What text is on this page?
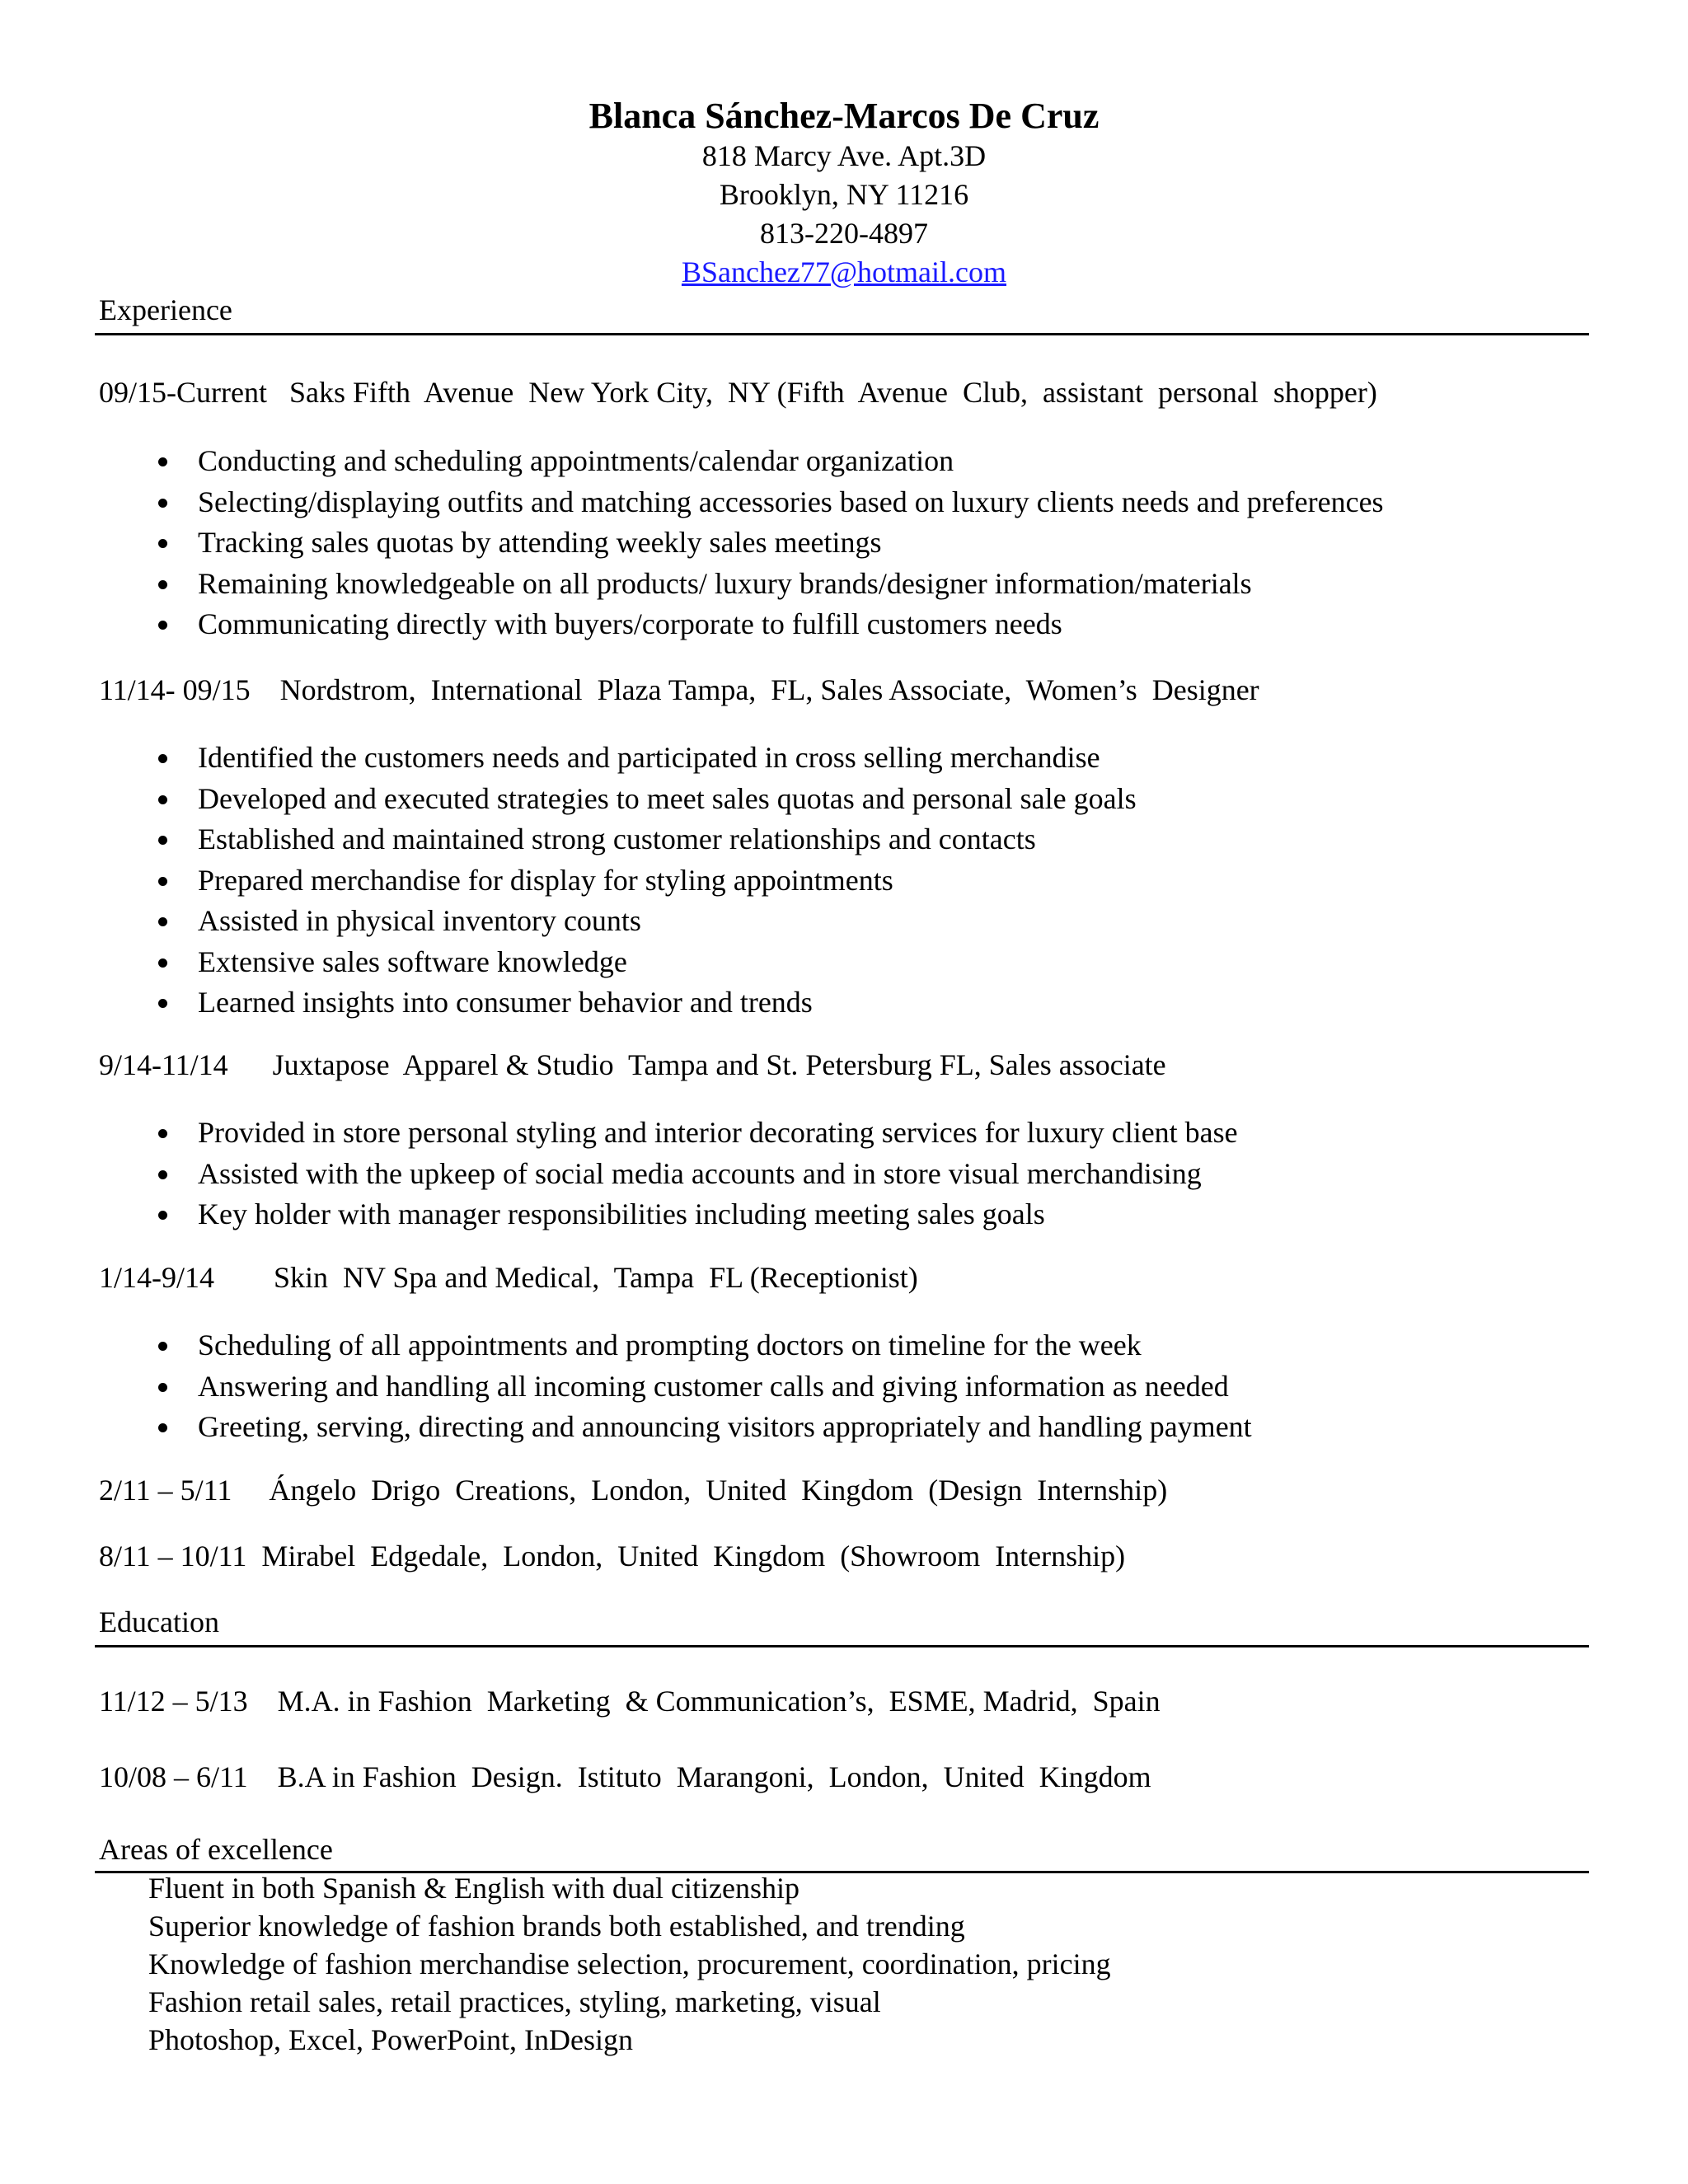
Blanca Sánchez-Marcos De Cruz
818 Marcy Ave. Apt.3D
Brooklyn, NY 11216
813-220-4897
BSanchez77@hotmail.com
Experience
09/15-Current   Saks Fifth  Avenue  New York City,  NY (Fifth  Avenue  Club,  assistant  personal  shopper)
Conducting and scheduling appointments/calendar organization
Selecting/displaying outfits and matching accessories based on luxury clients needs and preferences
Tracking sales quotas by attending weekly sales meetings
Remaining knowledgeable on all products/ luxury brands/designer information/materials
Communicating directly with buyers/corporate to fulfill customers needs
11/14- 09/15    Nordstrom,  International  Plaza Tampa,  FL, Sales Associate,  Women’s  Designer
Identified the customers needs and participated in cross selling merchandise
Developed and executed strategies to meet sales quotas and personal sale goals
Established and maintained strong customer relationships and contacts
Prepared merchandise for display for styling appointments
Assisted in physical inventory counts
Extensive sales software knowledge
Learned insights into consumer behavior and trends
9/14-11/14      Juxtapose  Apparel & Studio  Tampa and St. Petersburg FL, Sales associate
Provided in store personal styling and interior decorating services for luxury client base
Assisted with the upkeep of social media accounts and in store visual merchandising
Key holder with manager responsibilities including meeting sales goals
1/14-9/14        Skin  NV Spa and Medical,  Tampa  FL (Receptionist)
Scheduling of all appointments and prompting doctors on timeline for the week
Answering and handling all incoming customer calls and giving information as needed
Greeting, serving, directing and announcing visitors appropriately and handling payment
2/11 – 5/11     Ángelo  Drigo  Creations,  London,  United  Kingdom  (Design  Internship)
8/11 – 10/11  Mirabel  Edgedale,  London,  United  Kingdom  (Showroom  Internship)
Education
11/12 – 5/13    M.A. in Fashion  Marketing  & Communication’s,  ESME, Madrid,  Spain
10/08 – 6/11    B.A in Fashion  Design.  Istituto  Marangoni,  London,  United  Kingdom
Areas of excellence
Fluent in both Spanish & English with dual citizenship
Superior knowledge of fashion brands both established, and trending
Knowledge of fashion merchandise selection, procurement, coordination, pricing
Fashion retail sales, retail practices, styling, marketing, visual
Photoshop, Excel, PowerPoint, InDesign
